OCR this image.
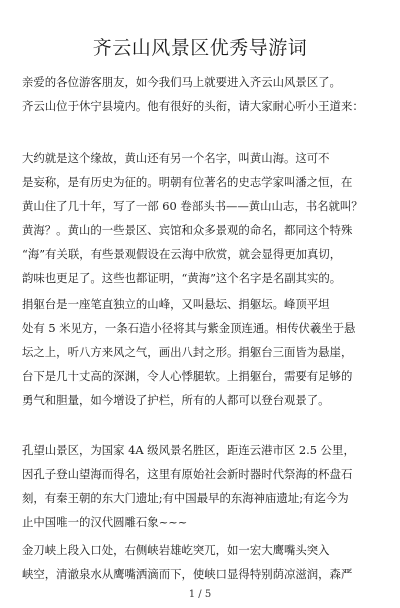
齐云山风景区优秀导游词
亲爱的各位游客朋友，如今我们马上就要进入齐云山风景区了。
齐云山位于休宁县境内。他有很好的头衔，请大家耐心听小王道来：
大约就是这个缘故，黄山还有另一个名字，叫黄山海。这可不
是妄称，是有历史为征的。明朝有位著名的史志学家叫潘之恒，在
黄山住了几十年，写了一部 60 卷部头书——黄山山志，书名就叫？
黄海？。黄山的一些景区、宾馆和众多景观的命名，都同这个特殊
“海”有关联，有些景观假设在云海中欣赏，就会显得更加真切，
韵味也更足了。这些也都证明，“黄海”这个名字是名副其实的。
捐躯台是一座笔直独立的山峰，又叫悬坛、捐躯坛。峰顶平坦
处有 5 米见方，一条石造小径将其与紫金顶连通。相传伏羲坐于悬
坛之上，听八方来风之气，画出八封之形。捐躯台三面皆为悬崖，
台下是几十丈高的深渊，令人心悸腿软。上捐躯台，需要有足够的
勇气和胆量，如今增设了护栏，所有的人都可以登台观景了。
孔望山景区，为国家 4A 级风景名胜区，距连云港市区 2.5 公里，
因孔子登山望海而得名，这里有原始社会新时器时代祭海的杯盘石
刻，有秦王朝的东大门遗址;有中国最早的东海神庙遗址;有迄今为
止中国唯一的汉代圆雕石象~~~
金刀峡上段入口处，右侧峡岩雄屹突兀，如一宏大鹰嘴头突入
峡空，清澈泉水从鹰嘴洒滴而下，使峡口显得特别荫凉滋润，森严
1 / 5
